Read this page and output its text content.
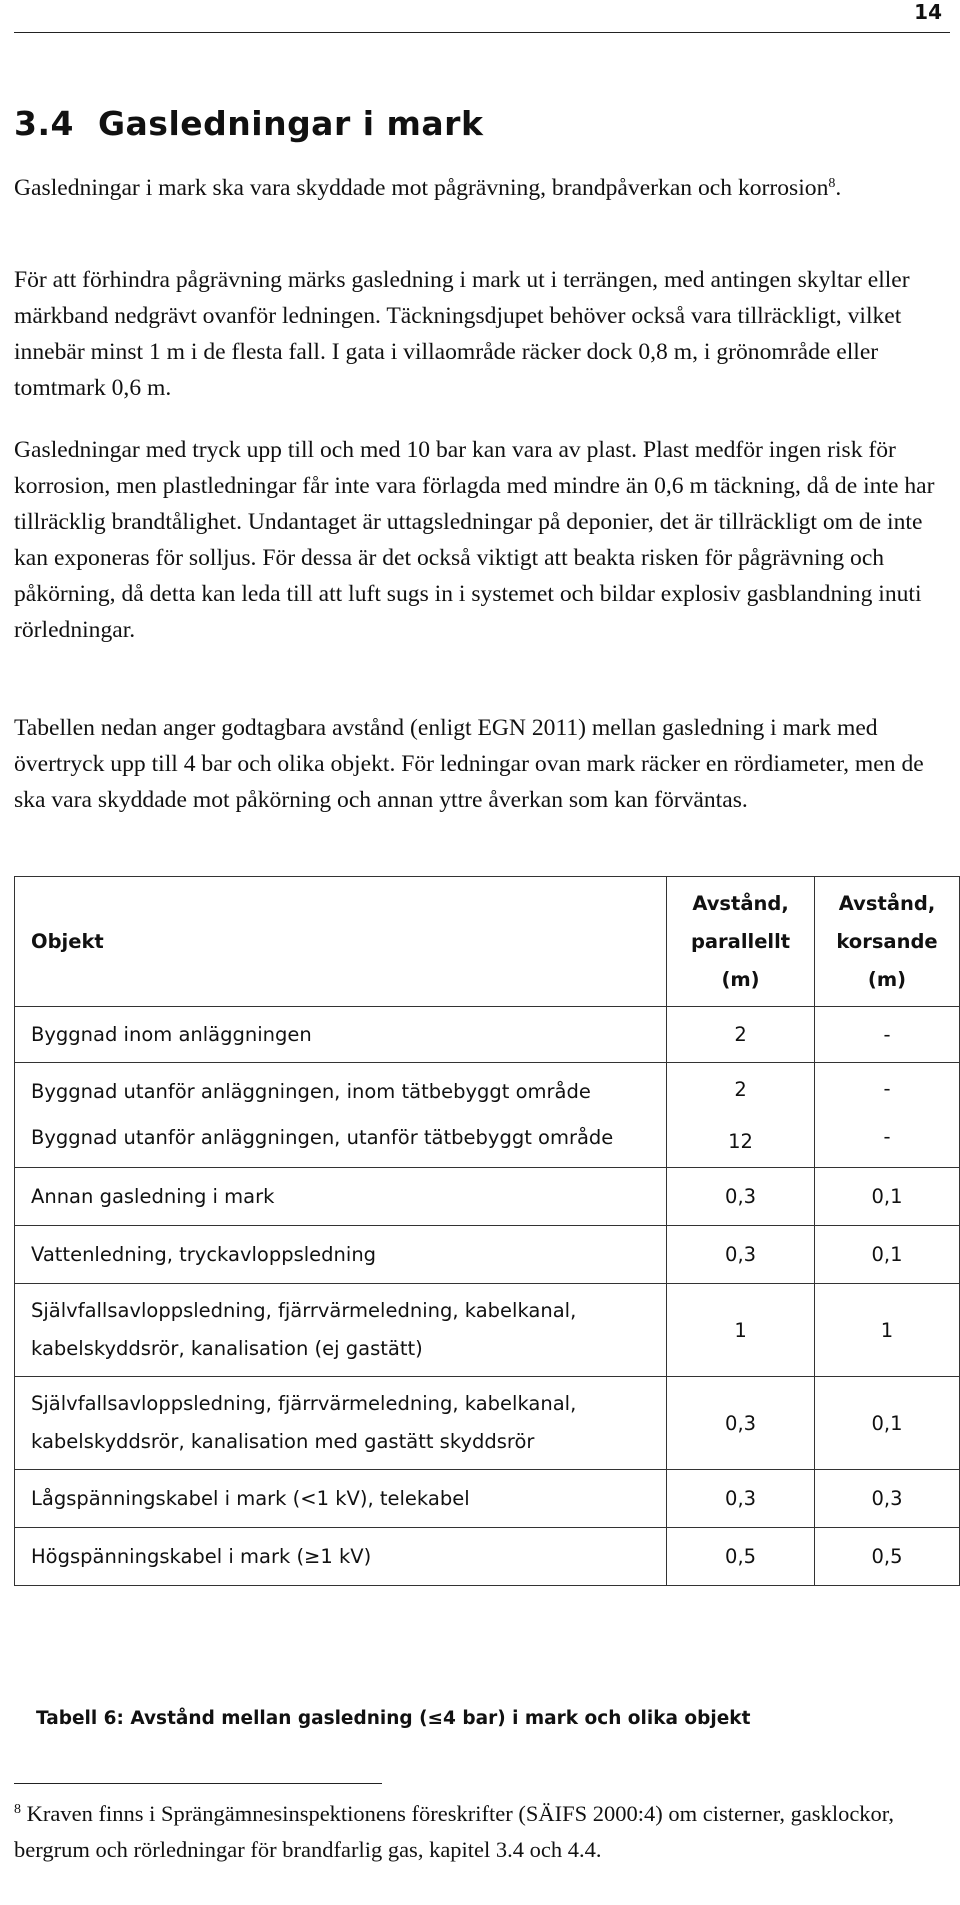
14
3.4 Gasledningar i mark

Gasledningar i mark ska vara skyddade mot pågrävning, brandpåverkan och korrosion$^8$.

För att förhindra pågrävning märks gasledning i mark ut i terrängen, med antingen skyltar eller märkband nedgrävt ovanför ledningen. Täckningsdjupet behöver också vara tillräckligt, vilket innebär minst 1 m i de flesta fall. I gata i villaområde räcker dock 0,8 m, i grönområde eller tomtmark 0,6 m.

Gasledningar med tryck upp till och med 10 bar kan vara av plast. Plast medför ingen risk för korrosion, men plastledningar får inte vara förlagda med mindre än 0,6 m täckning, då de inte har tillräcklig brandtålighet. Undantaget är uttagsledningar på deponier, det är tillräckligt om de inte kan exponeras för solljus. För dessa är det också viktigt att beakta risken för pågrävning och påkörning, då detta kan leda till att luft sugs in i systemet och bildar explosiv gasblandning inuti rörledningar.

Tabellen nedan anger godtagbara avstånd (enligt EGN 2011) mellan gasledning i mark med övertryck upp till 4 bar och olika objekt. För ledningar ovan mark räcker en rördiameter, men de ska vara skyddade mot påkörning och annan yttre åverkan som kan förväntas.

Objekt	Avstånd, parallellt (m)	Avstånd, korsande (m)
Byggnad inom anläggningen	2	-
Byggnad utanför anläggningen, inom tätbebyggt område	2	-
Byggnad utanför anläggningen, utanför tätbebyggt område	12	-
Annan gasledning i mark	0,3	0,1
Vattenledning, tryckavloppsledning	0,3	0,1
Självfallsavloppsledning, fjärrvärmeledning, kabelkanal, kabelskyddsrör, kanalisation (ej gastätt)	1	1
Självfallsavloppsledning, fjärrvärmeledning, kabelkanal, kabelskyddsrör, kanalisation med gastätt skyddsrör	0,3	0,1
Lågspänningskabel i mark (<1 kV), telekabel	0,3	0,3
Högspänningskabel i mark (≥1 kV)	0,5	0,5
Tabell 6: Avstånd mellan gasledning (≤4 bar) i mark och olika objekt

$^8$ Kraven finns i Sprängämnesinspektionens föreskrifter (SÄIFS 2000:4) om cisterner, gasklockor, bergrum och rörledningar för brandfarlig gas, kapitel 3.4 och 4.4.
